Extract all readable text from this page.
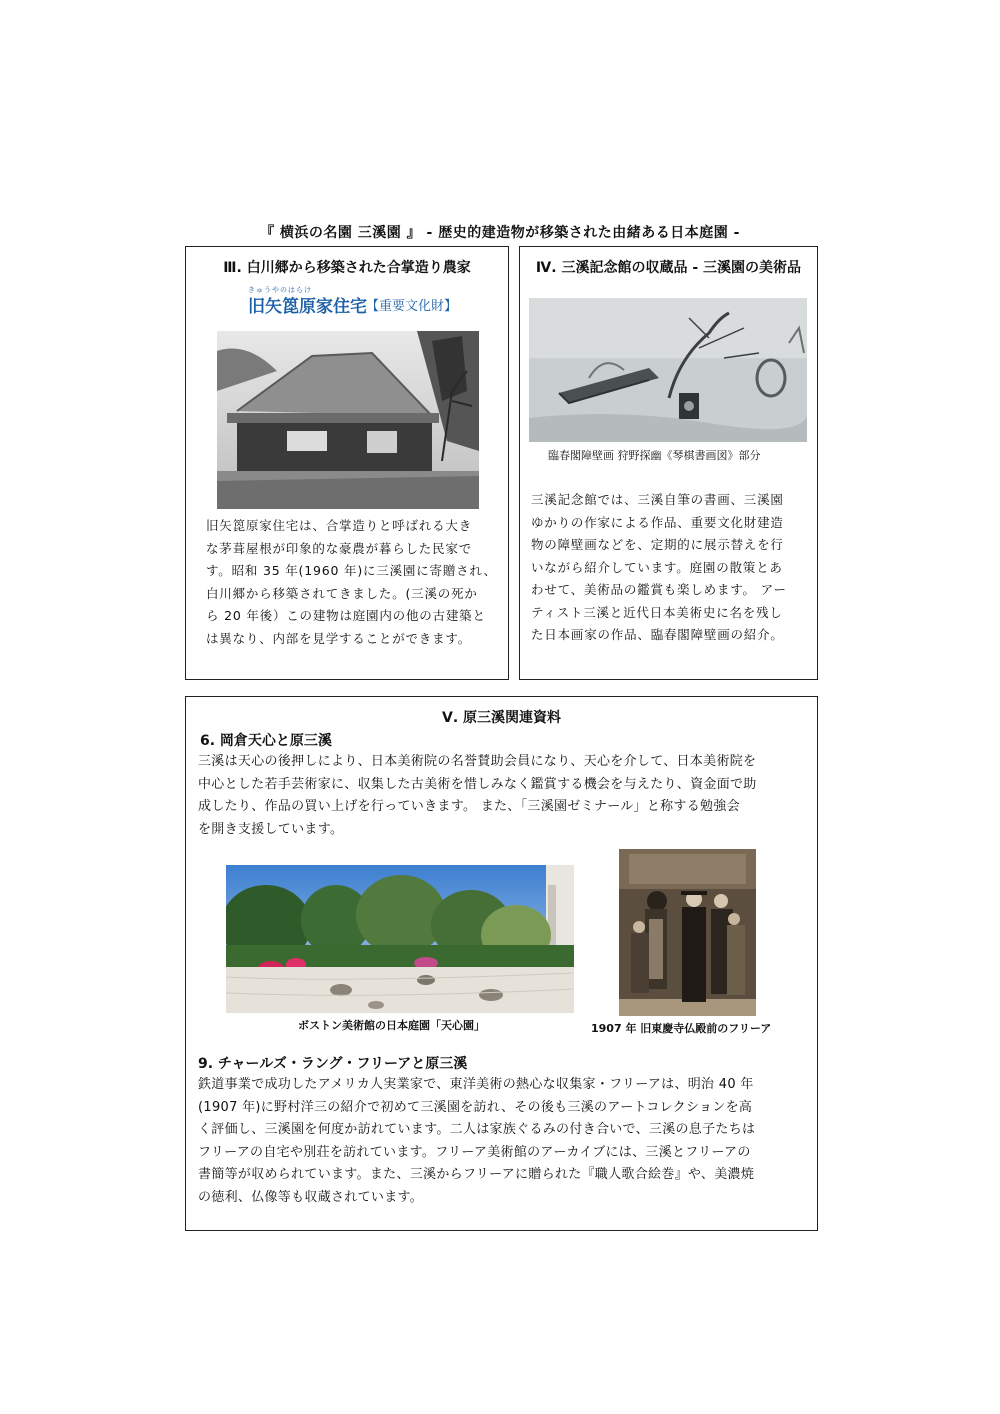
『 横浜の名園 三溪園 』 - 歴史的建造物が移築された由緒ある日本庭園 -
Ⅲ. 白川郷から移築された合掌造り農家
きゅうやのはらけ
旧矢箆原家住宅 【重要文化財】
旧矢箆原家住宅は、合掌造りと呼ばれる大き
な茅葺屋根が印象的な豪農が暮らした民家で
す。昭和 35 年(1960 年)に三溪園に寄贈され、
白川郷から移築されてきました。(三溪の死か
ら 20 年後）この建物は庭園内の他の古建築と
は異なり、内部を見学することができます。
Ⅳ. 三溪記念館の収蔵品 - 三溪園の美術品
臨春閣障壁画 狩野探幽《琴棋書画図》部分
三溪記念館では、三溪自筆の書画、三溪園
ゆかりの作家による作品、重要文化財建造
物の障壁画などを、定期的に展示替えを行
いながら紹介しています。庭園の散策とあ
わせて、美術品の鑑賞も楽しめます。 アー
ティスト三溪と近代日本美術史に名を残し
た日本画家の作品、臨春閣障壁画の紹介。
Ⅴ. 原三溪関連資料
6. 岡倉天心と原三溪
三溪は天心の後押しにより、日本美術院の名誉賛助会員になり、天心を介して、日本美術院を
中心とした若手芸術家に、収集した古美術を惜しみなく鑑賞する機会を与えたり、資金面で助
成したり、作品の買い上げを行っていきます。 また、「三溪園ゼミナール」と称する勉強会
を開き支援しています。
ボストン美術館の日本庭園「天心園」	1907 年 旧東慶寺仏殿前のフリーア
9. チャールズ・ラング・フリーアと原三溪
鉄道事業で成功したアメリカ人実業家で、東洋美術の熱心な収集家・フリーアは、明治 40 年
(1907 年)に野村洋三の紹介で初めて三溪園を訪れ、その後も三溪のアートコレクションを高
く評価し、三溪園を何度か訪れています。二人は家族ぐるみの付き合いで、三溪の息子たちは
フリーアの自宅や別荘を訪れています。フリーア美術館のアーカイブには、三溪とフリーアの
書簡等が収められています。また、三溪からフリーアに贈られた『職人歌合絵巻』や、美濃焼
の徳利、仏像等も収蔵されています。
